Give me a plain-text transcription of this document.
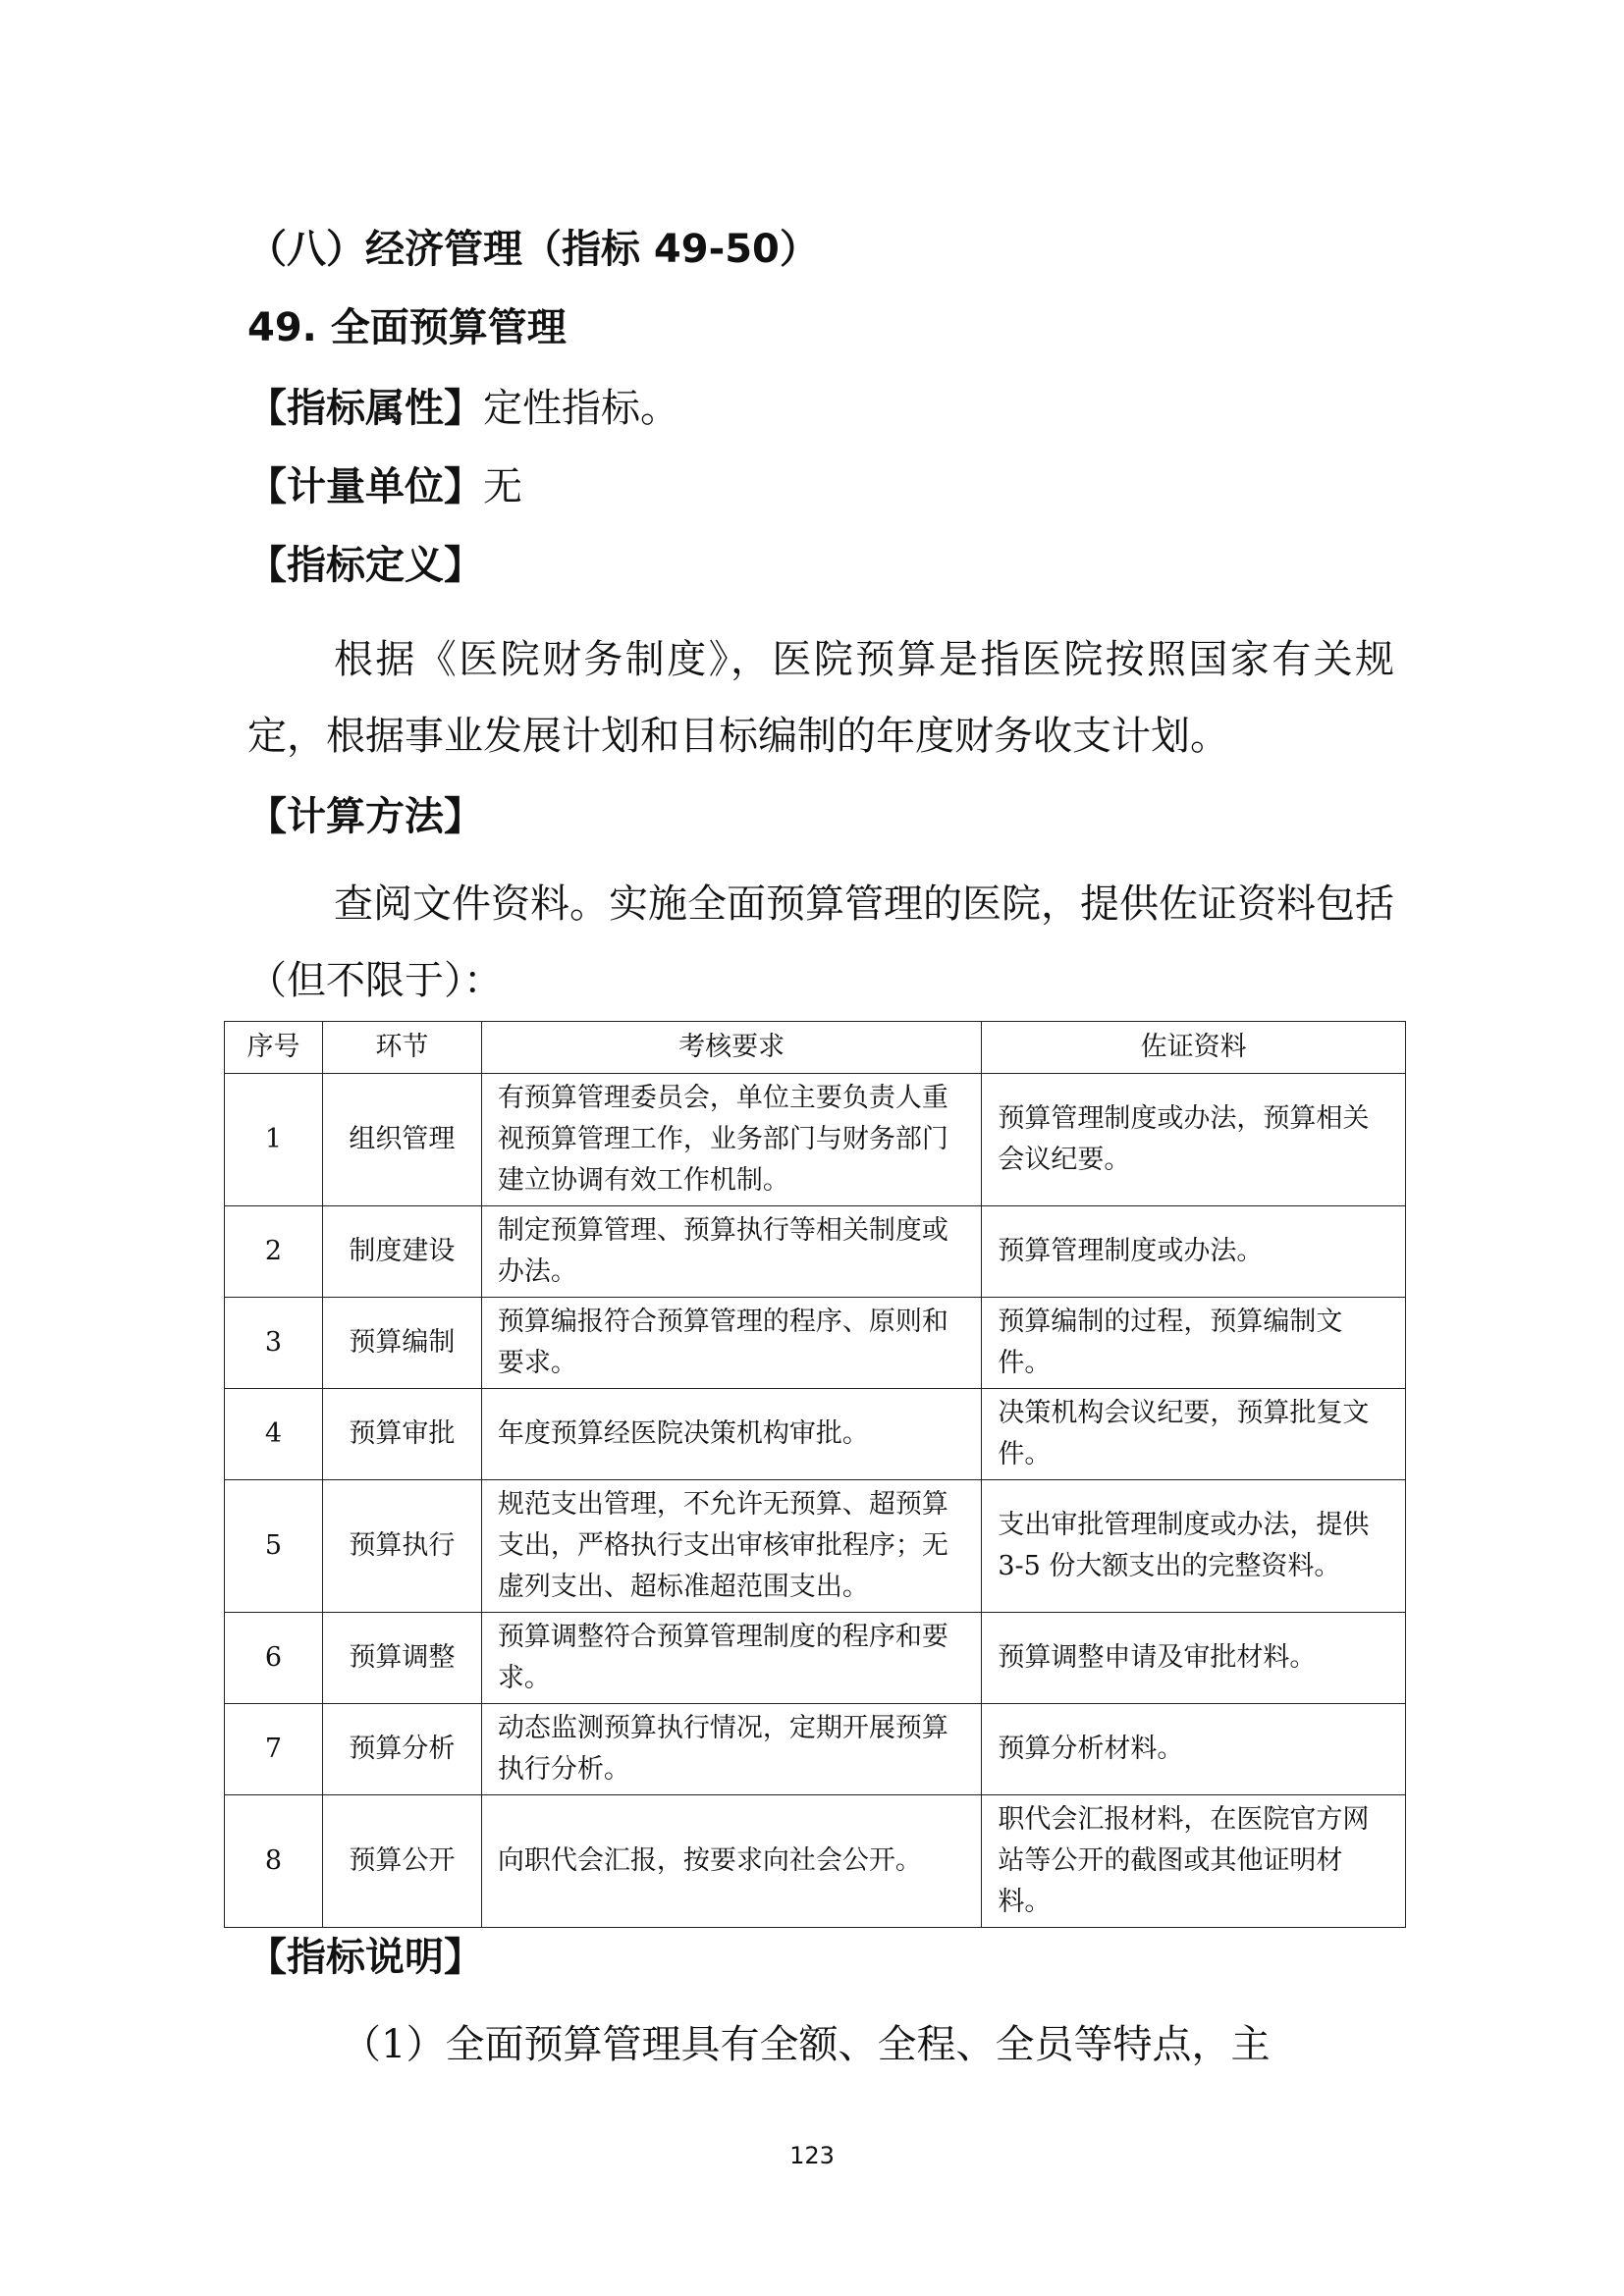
（八）经济管理（指标 49-50）
49. 全面预算管理
【指标属性】定性指标。
【计量单位】无
【指标定义】
根据《医院财务制度》，医院预算是指医院按照国家有关规定，根据事业发展计划和目标编制的年度财务收支计划。
【计算方法】
查阅文件资料。实施全面预算管理的医院，提供佐证资料包括（但不限于）：
序号	环节	考核要求	佐证资料
1	组织管理	有预算管理委员会，单位主要负责人重视预算管理工作，业务部门与财务部门建立协调有效工作机制。	预算管理制度或办法，预算相关会议纪要。
2	制度建设	制定预算管理、预算执行等相关制度或办法。	预算管理制度或办法。
3	预算编制	预算编报符合预算管理的程序、原则和要求。	预算编制的过程，预算编制文件。
4	预算审批	年度预算经医院决策机构审批。	决策机构会议纪要，预算批复文件。
5	预算执行	规范支出管理，不允许无预算、超预算支出，严格执行支出审核审批程序；无虚列支出、超标准超范围支出。	支出审批管理制度或办法，提供3-5 份大额支出的完整资料。
6	预算调整	预算调整符合预算管理制度的程序和要求。	预算调整申请及审批材料。
7	预算分析	动态监测预算执行情况，定期开展预算执行分析。	预算分析材料。
8	预算公开	向职代会汇报，按要求向社会公开。	职代会汇报材料，在医院官方网站等公开的截图或其他证明材料。
【指标说明】
（1）全面预算管理具有全额、全程、全员等特点，主
123
